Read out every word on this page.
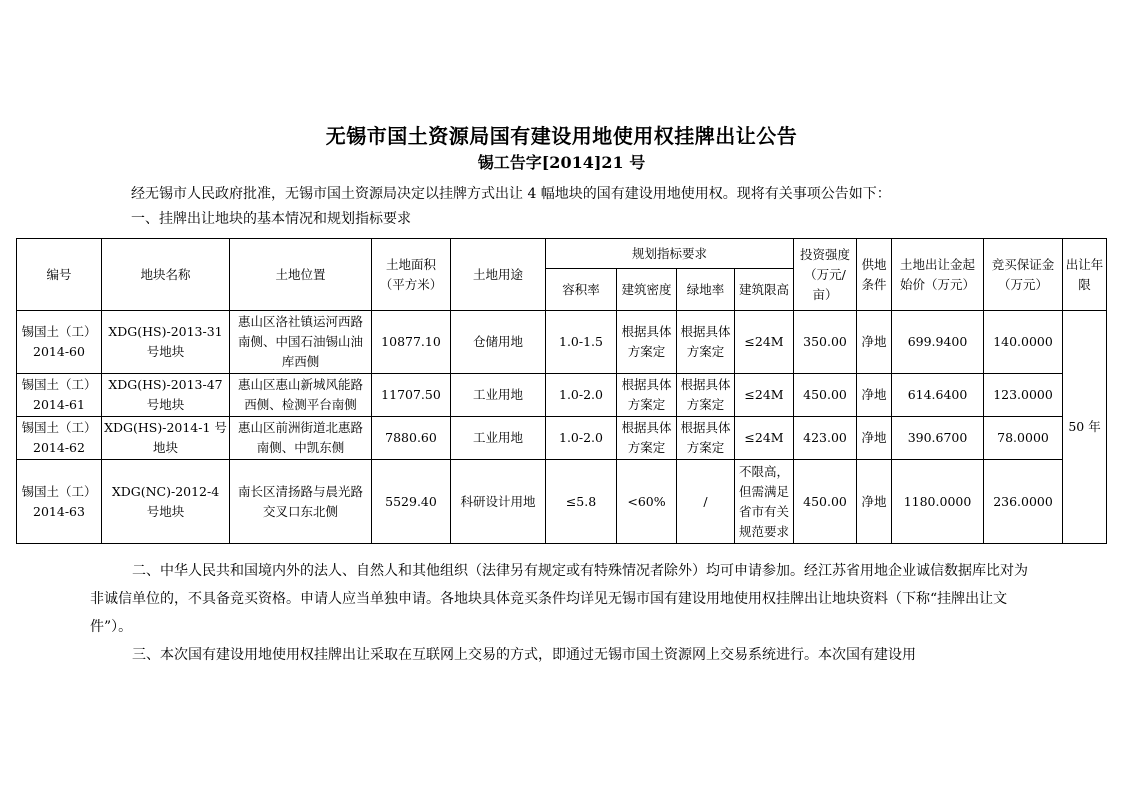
无锡市国土资源局国有建设用地使用权挂牌出让公告
锡工告字[2014]21 号
经无锡市人民政府批准，无锡市国土资源局决定以挂牌方式出让 4 幅地块的国有建设用地使用权。现将有关事项公告如下：
一、挂牌出让地块的基本情况和规划指标要求
编号	地块名称	土地位置	土地面积（平方米）	土地用途	规划指标要求				投资强度（万元/亩）	供地条件	土地出让金起始价（万元）	竞买保证金（万元）	出让年限
					容积率	建筑密度	绿地率	建筑限高					
锡国土（工）2014-60	XDG(HS)-2013-31 号地块	惠山区洛社镇运河西路南侧、中国石油锡山油库西侧	10877.10	仓储用地	1.0-1.5	根据具体方案定	根据具体方案定	≤24M	350.00	净地	699.9400	140.0000	50 年
锡国土（工）2014-61	XDG(HS)-2013-47 号地块	惠山区惠山新城风能路西侧、检测平台南侧	11707.50	工业用地	1.0-2.0	根据具体方案定	根据具体方案定	≤24M	450.00	净地	614.6400	123.0000	
锡国土（工）2014-62	XDG(HS)-2014-1 号地块	惠山区前洲街道北惠路南侧、中凯东侧	7880.60	工业用地	1.0-2.0	根据具体方案定	根据具体方案定	≤24M	423.00	净地	390.6700	78.0000	
锡国土（工）2014-63	XDG(NC)-2012-4 号地块	南长区清扬路与晨光路交叉口东北侧	5529.40	科研设计用地	≤5.8	<60%	/	不限高，但需满足省市有关规范要求	450.00	净地	1180.0000	236.0000	
二、中华人民共和国境内外的法人、自然人和其他组织（法律另有规定或有特殊情况者除外）均可申请参加。经江苏省用地企业诚信数据库比对为非诚信单位的，不具备竞买资格。申请人应当单独申请。各地块具体竞买条件均详见无锡市国有建设用地使用权挂牌出让地块资料（下称“挂牌出让文件”）。
三、本次国有建设用地使用权挂牌出让采取在互联网上交易的方式，即通过无锡市国土资源网上交易系统进行。本次国有建设用
